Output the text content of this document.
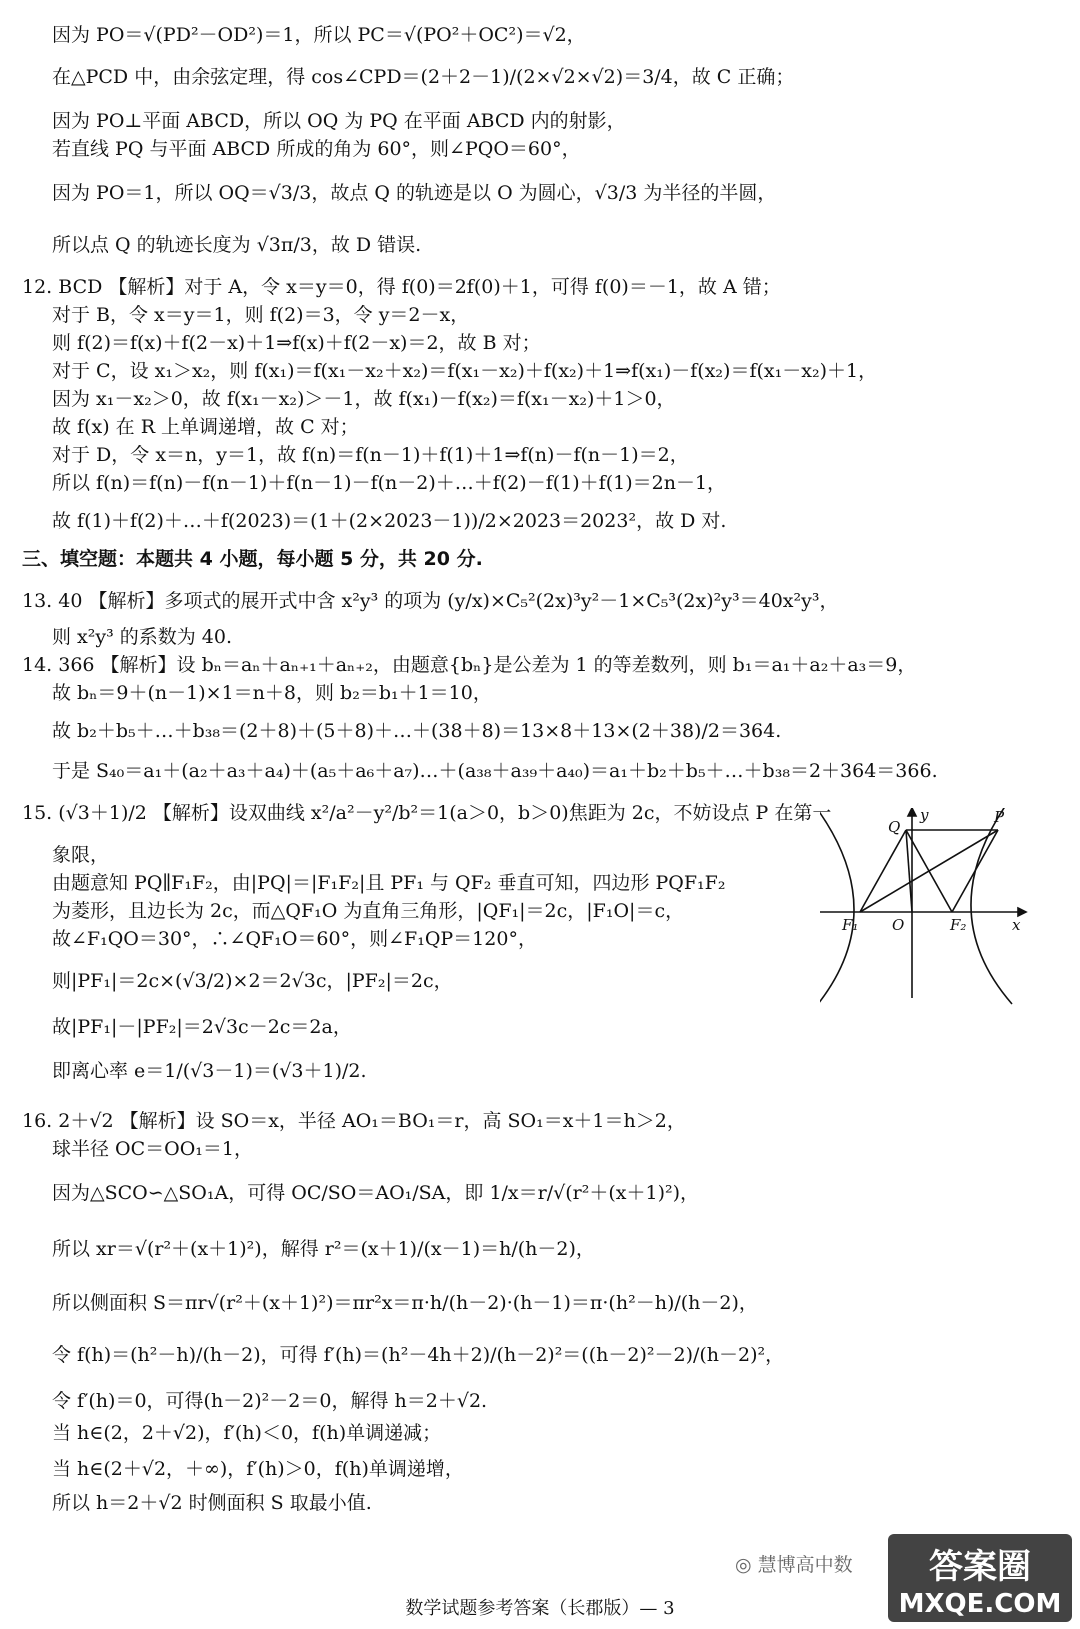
因为 PO＝√(PD²－OD²)＝1，所以 PC＝√(PO²＋OC²)＝√2，
在△PCD 中，由余弦定理，得 cos∠CPD＝(2＋2－1)/(2×√2×√2)＝3/4，故 C 正确；
因为 PO⊥平面 ABCD，所以 OQ 为 PQ 在平面 ABCD 内的射影，
若直线 PQ 与平面 ABCD 所成的角为 60°，则∠PQO＝60°，
因为 PO＝1，所以 OQ＝√3/3，故点 Q 的轨迹是以 O 为圆心，√3/3 为半径的半圆，
所以点 Q 的轨迹长度为 √3π/3，故 D 错误.
12. BCD 【解析】对于 A，令 x＝y＝0，得 f(0)＝2f(0)＋1，可得 f(0)＝－1，故 A 错；
对于 B，令 x＝y＝1，则 f(2)＝3，令 y＝2－x，
则 f(2)＝f(x)＋f(2－x)＋1⇒f(x)＋f(2－x)＝2，故 B 对；
对于 C，设 x₁＞x₂，则 f(x₁)＝f(x₁－x₂＋x₂)＝f(x₁－x₂)＋f(x₂)＋1⇒f(x₁)－f(x₂)＝f(x₁－x₂)＋1，
因为 x₁－x₂＞0，故 f(x₁－x₂)＞－1，故 f(x₁)－f(x₂)＝f(x₁－x₂)＋1＞0，
故 f(x) 在 R 上单调递增，故 C 对；
对于 D，令 x＝n，y＝1，故 f(n)＝f(n－1)＋f(1)＋1⇒f(n)－f(n－1)＝2，
所以 f(n)＝f(n)－f(n－1)＋f(n－1)－f(n－2)＋…＋f(2)－f(1)＋f(1)＝2n－1，
故 f(1)＋f(2)＋…＋f(2023)＝(1＋(2×2023－1))/2×2023＝2023²，故 D 对.
三、填空题：本题共 4 小题，每小题 5 分，共 20 分.
13. 40 【解析】多项式的展开式中含 x²y³ 的项为 (y/x)×C₅²(2x)³y²－1×C₅³(2x)²y³＝40x²y³，
则 x²y³ 的系数为 40.
14. 366 【解析】设 bₙ＝aₙ＋aₙ₊₁＋aₙ₊₂，由题意{bₙ}是公差为 1 的等差数列，则 b₁＝a₁＋a₂＋a₃＝9，
故 bₙ＝9＋(n－1)×1＝n＋8，则 b₂＝b₁＋1＝10，
故 b₂＋b₅＋…＋b₃₈＝(2＋8)＋(5＋8)＋…＋(38＋8)＝13×8＋13×(2＋38)/2＝364.
于是 S₄₀＝a₁＋(a₂＋a₃＋a₄)＋(a₅＋a₆＋a₇)…＋(a₃₈＋a₃₉＋a₄₀)＝a₁＋b₂＋b₅＋…＋b₃₈＝2＋364＝366.
15. (√3＋1)/2 【解析】设双曲线 x²/a²－y²/b²＝1(a＞0，b＞0)焦距为 2c，不妨设点 P 在第一
象限，
由题意知 PQ∥F₁F₂，由|PQ|＝|F₁F₂|且 PF₁ 与 QF₂ 垂直可知，四边形 PQF₁F₂
为菱形，且边长为 2c，而△QF₁O 为直角三角形，|QF₁|＝2c，|F₁O|＝c，
故∠F₁QO＝30°，∴∠QF₁O＝60°，则∠F₁QP＝120°，
则|PF₁|＝2c×(√3/2)×2＝2√3c，|PF₂|＝2c，
故|PF₁|－|PF₂|＝2√3c－2c＝2a，
即离心率 e＝1/(√3－1)＝(√3＋1)/2.
16. 2＋√2 【解析】设 SO＝x，半径 AO₁＝BO₁＝r，高 SO₁＝x＋1＝h＞2，
球半径 OC＝OO₁＝1，
因为△SCO∽△SO₁A，可得 OC/SO＝AO₁/SA，即 1/x＝r/√(r²＋(x＋1)²)，
所以 xr＝√(r²＋(x＋1)²)，解得 r²＝(x＋1)/(x－1)＝h/(h－2)，
所以侧面积 S＝πr√(r²＋(x＋1)²)＝πr²x＝π·h/(h－2)·(h－1)＝π·(h²－h)/(h－2)，
令 f(h)＝(h²－h)/(h－2)，可得 f′(h)＝(h²－4h＋2)/(h－2)²＝((h－2)²－2)/(h－2)²，
令 f′(h)＝0，可得(h－2)²－2＝0，解得 h＝2＋√2.
当 h∈(2，2＋√2)，f′(h)＜0，f(h)单调递减；
当 h∈(2＋√2，＋∞)，f′(h)＞0，f(h)单调递增，
所以 h＝2＋√2 时侧面积 S 取最小值.
y
x
Q
P
F₁ O	F₂
◎ 慧博高中数 答案圈
MXQE.COM
数学试题参考答案（长郡版）— 3
